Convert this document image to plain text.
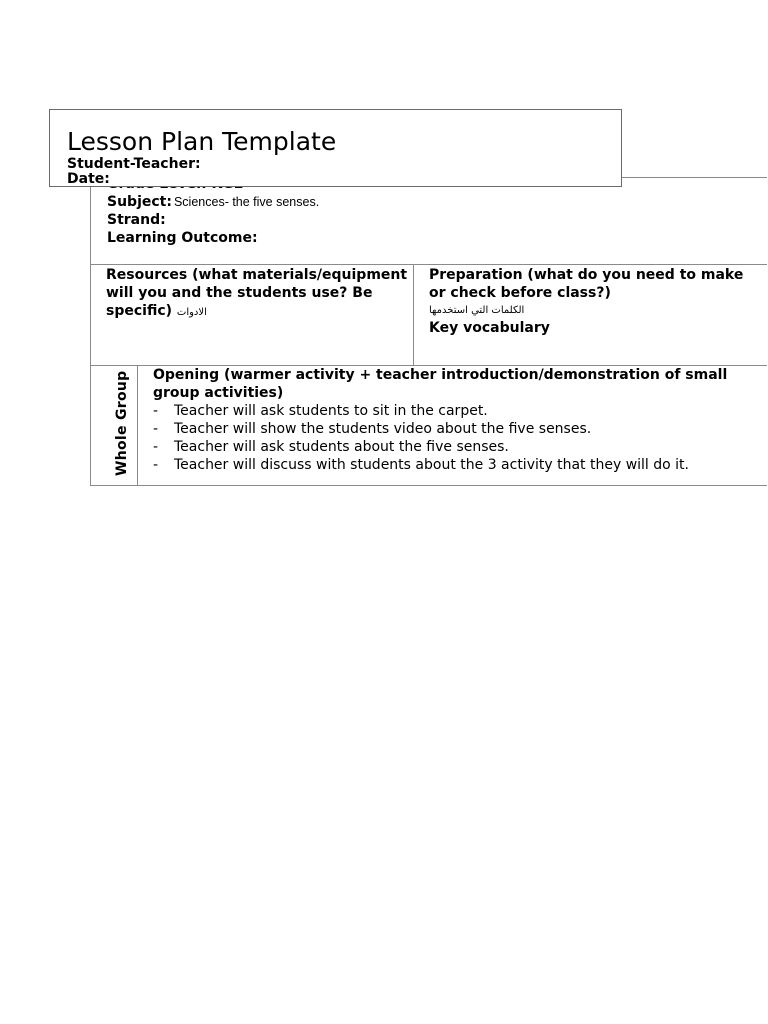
Subject: Sciences- the five senses.
Strand:
Learning Outcome:
Resources (what materials/equipment
will you and the students use? Be
specific) الادوات
Preparation (what do you need to make
or check before class?)
الكلمات التي استخدمها
Key vocabulary
Whole Group Opening (warmer activity + teacher introduction/demonstration of small
group activities)
- Teacher will ask students to sit in the carpet.
- Teacher will show the students video about the five senses.
- Teacher will ask students about the five senses.
- Teacher will discuss with students about the 3 activity that they will do it.
Lesson Plan Template
Student-Teacher:
Date:
